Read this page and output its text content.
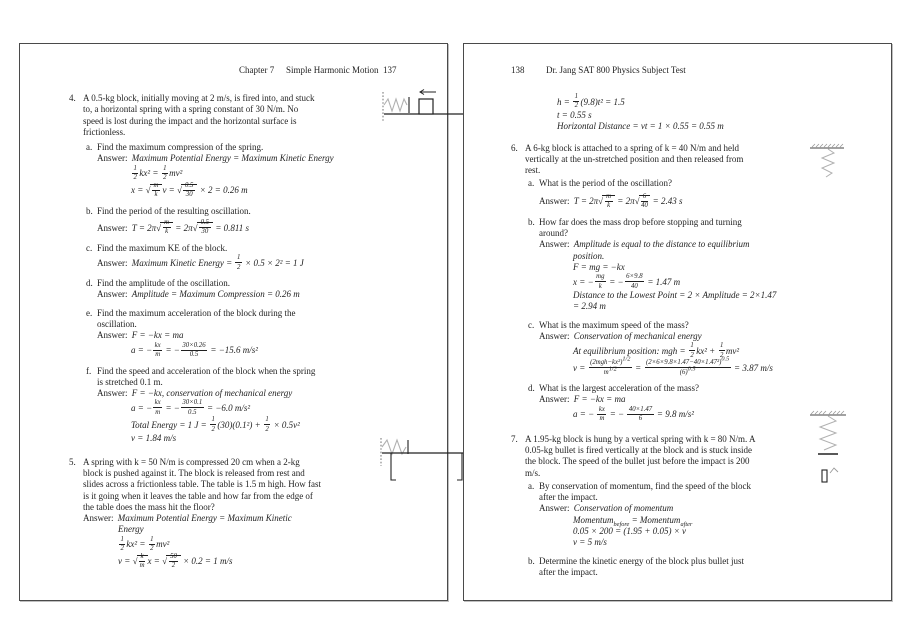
Chapter 7 Simple Harmonic Motion 137
4. A 0.5-kg block, initially moving at 2 m/s, is fired into, and stuck
to, a horizontal spring with a spring constant of 30 N/m. No
speed is lost during the impact and the horizontal surface is
frictionless.
a. Find the maximum compression of the spring.
Answer: Maximum Potential Energy = Maximum Kinetic Energy
$\frac{1}{2} kx^2 = \frac{1}{2} mv^2$
x = √ $\frac{m}{k}$ v = √ $\frac{0.5}{30} \times 2 = 0.26$ m
b. Find the period of the resulting oscillation.
Answer: $T = 2\pi√ \frac{m}{k} = 2\pi√ \frac{0.5}{30} = 0.811$ s
c. Find the maximum KE of the block.
Answer: Maximum Kinetic Energy = $\frac{1}{2} \times 0.5 \times 2^2 = 1$ J
d. Find the amplitude of the oscillation.
Answer: Amplitude = Maximum Compression = 0.26 m
e. Find the maximum acceleration of the block during the
oscillation.
Answer: F = −kx = ma
a = − $\frac{kx}{m}$ = − $\frac{30\times 0.26}{0.5} = -15.6$ m/s²
f. Find the speed and acceleration of the block when the spring
is stretched 0.1 m.
Answer: F = −kx, conservation of mechanical energy
a = − $\frac{kx}{m}$ = − $\frac{30\times 0.1}{0.5} = -6.0$ m/s²
Total Energy = 1 $J = \frac{1}{2} (30)(0.1^2) + \frac{1}{2} \times 0.5v^2$
v = 1.84 m/s
5. A spring with k = 50 N/m is compressed 20 cm when a 2-kg
block is pushed against it. The block is released from rest and
slides across a frictionless table. The table is 1.5 m high. How fast
is it going when it leaves the table and how far from the edge of
the table does the mass hit the floor?
Answer: Maximum Potential Energy = Maximum Kinetic
Energy
$\frac{1}{2} kx^2 = \frac{1}{2} mv^2$
v = √ $\frac{k}{m}$ x = √ $\frac{50}{2} \times 0.2 = 1$ m/s
138 Dr. Jang SAT 800 Physics Subject Test
$h = \frac{1}{2} (9.8)t^2 = 1.5$
t = 0.55 s
Horizontal Distance = vt = 1 × 0.55 = 0.55 m
6. A 6-kg block is attached to a spring of k = 40 N/m and held
vertically at the un-stretched position and then released from
rest.
a. What is the period of the oscillation?
Answer: $T = 2\pi√ \frac{m}{k} = 2\pi√ \frac{6}{40} = 2.43$ s
b. How far does the mass drop before stopping and turning
around?
Answer: Amplitude is equal to the distance to equilibrium
position.
F = mg = −kx
x = − $\frac{mg}{k}$ = − $\frac{6\times 9.8}{40} = 1.47$ m
Distance to the Lowest Point = 2 × Amplitude = 2×1.47
= 2.94 m
c. What is the maximum speed of the mass?
Answer: Conservation of mechanical energy
At equilibrium position: mgh = $\frac{1}{2} kx^2 + \frac{1}{2} mv^2$
v =
$(2mgh-kx^2)^{1/2}$
$m^{1/2}$	= $\frac{(2\times 6\times 9.8\times 1.47-40\times 1.47^2)^{0.5}}{(6)^{0.5}} = 3.87$ m/s
d. What is the largest acceleration of the mass?
Answer: F = −kx = ma
a = − $\frac{kx}{m}$ = − $\frac{40\times 1.47}{6} = 9.8$ m/s²
7. A 1.95-kg block is hung by a vertical spring with k = 80 N/m. A
0.05-kg bullet is fired vertically at the block and is stuck inside
the block. The speed of the bullet just before the impact is 200
m/s.
a. By conservation of momentum, find the speed of the block
after the impact.
Answer: Conservation of momentum
Momentum$_{before}$ = Momentum$_{after}$
0.05 × 200 = (1.95 + 0.05) × v
v = 5 m/s
b. Determine the kinetic energy of the block plus bullet just
after the impact.
